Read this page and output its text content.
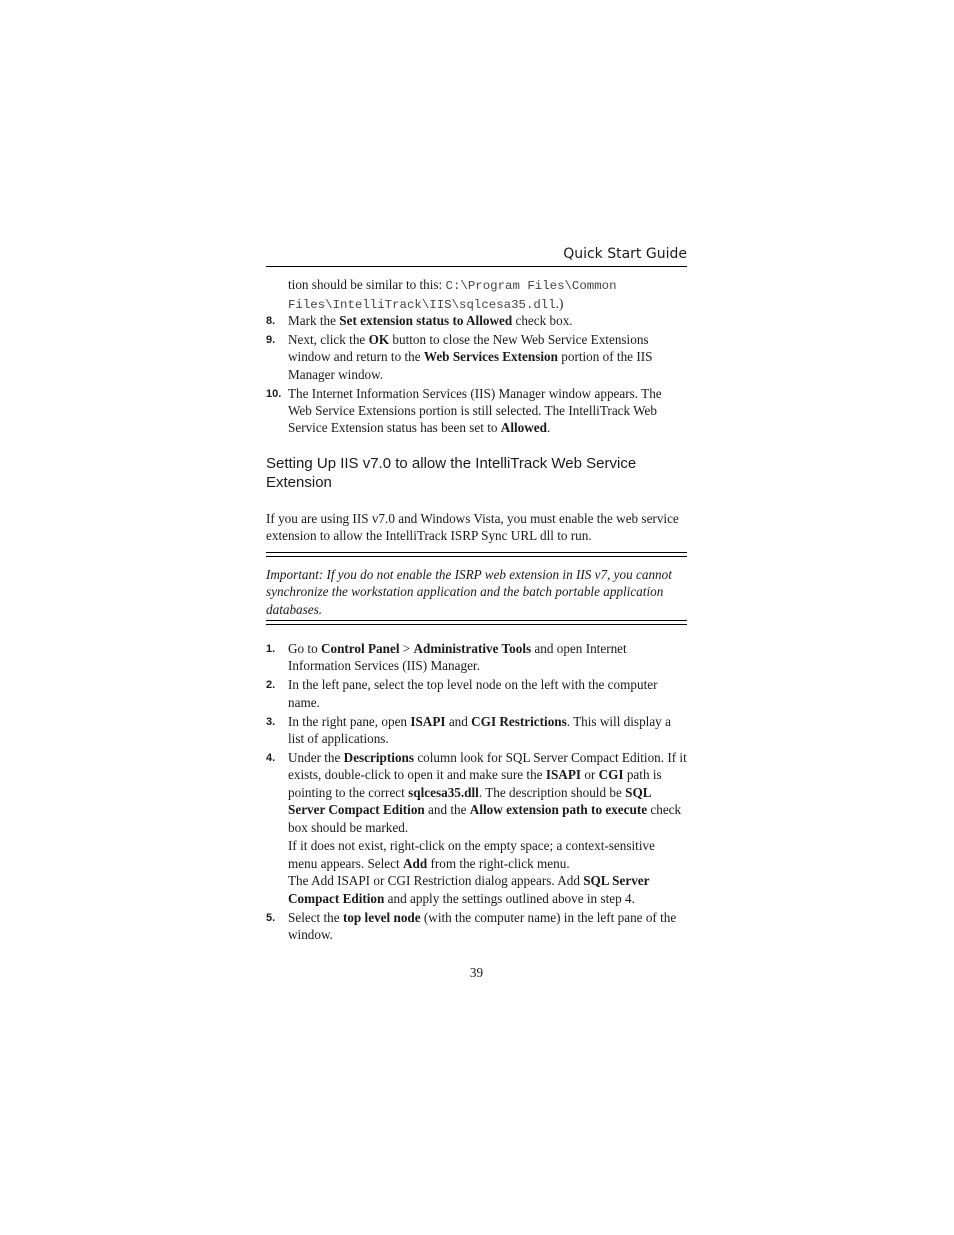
Quick Start Guide
tion should be similar to this: C:\Program Files\Common Files\IntelliTrack\IIS\sqlcesa35.dll.)
8. Mark the Set extension status to Allowed check box.
9. Next, click the OK button to close the New Web Service Extensions window and return to the Web Services Extension portion of the IIS Manager window.
10. The Internet Information Services (IIS) Manager window appears. The Web Service Extensions portion is still selected. The IntelliTrack Web Service Extension status has been set to Allowed.
Setting Up IIS v7.0 to allow the IntelliTrack Web Service Extension
If you are using IIS v7.0 and Windows Vista, you must enable the web service extension to allow the IntelliTrack ISRP Sync URL dll to run.
Important: If you do not enable the ISRP web extension in IIS v7, you cannot synchronize the workstation application and the batch portable application databases.
1. Go to Control Panel > Administrative Tools and open Internet Information Services (IIS) Manager.
2. In the left pane, select the top level node on the left with the computer name.
3. In the right pane, open ISAPI and CGI Restrictions. This will display a list of applications.
4. Under the Descriptions column look for SQL Server Compact Edition. If it exists, double-click to open it and make sure the ISAPI or CGI path is pointing to the correct sqlcesa35.dll. The description should be SQL Server Compact Edition and the Allow extension path to execute check box should be marked.
If it does not exist, right-click on the empty space; a context-sensitive menu appears. Select Add from the right-click menu.
The Add ISAPI or CGI Restriction dialog appears. Add SQL Server Compact Edition and apply the settings outlined above in step 4.
5. Select the top level node (with the computer name) in the left pane of the window.
39
